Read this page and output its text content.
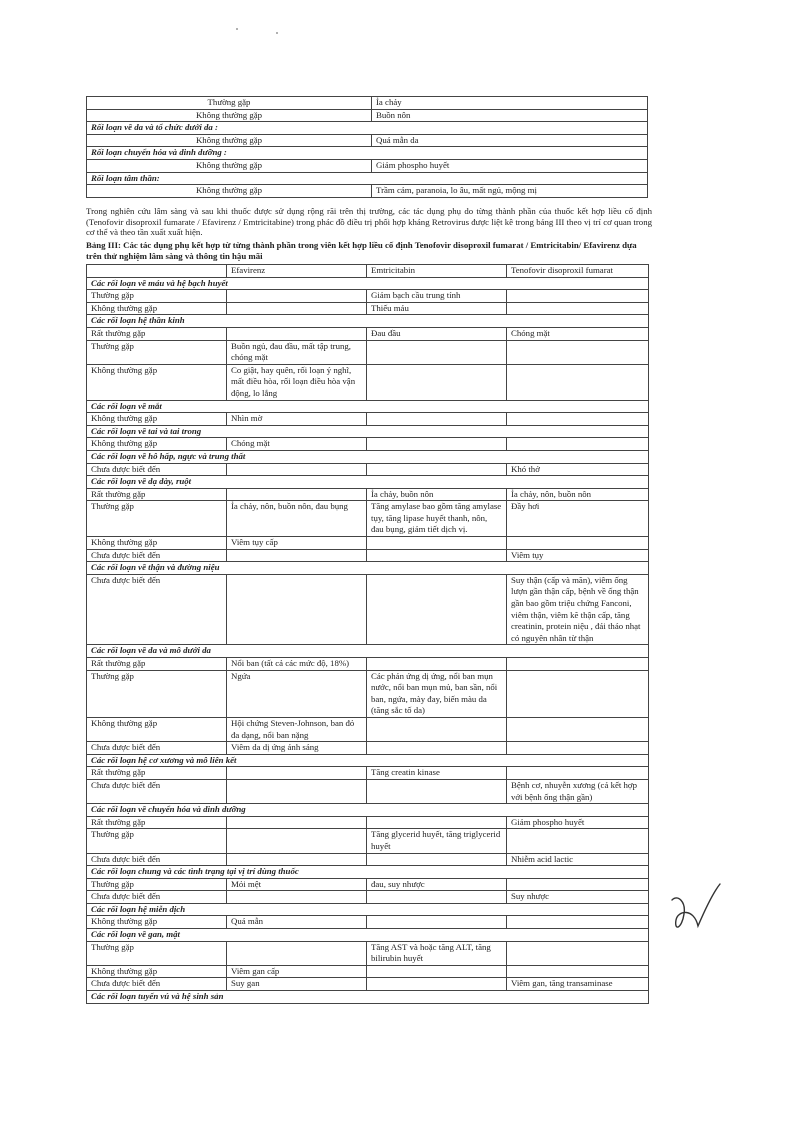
Thường gặp	Ỉa chảy
Không thường gặp	Buồn nôn
Rối loạn về da và tổ chức dưới da :	
Không thường gặp	Quá mẫn da
Rối loạn chuyển hóa và dinh dưỡng :	
Không thường gặp	Giảm phospho huyết
Rối loạn tâm thần:	
Không thường gặp	Trầm cảm, paranoia, lo âu, mất ngủ, mộng mị
Trong nghiên cứu lâm sàng và sau khi thuốc được sử dụng rộng rãi trên thị trường, các tác dụng phụ do từng thành phần của thuốc kết hợp liều cố định (Tenofovir disoproxil fumarate / Efavirenz / Emtricitabine) trong phác đồ điều trị phối hợp kháng Retrovirus được liệt kê trong bảng III theo vị trí cơ quan trong cơ thể và theo tần xuất xuất hiện.
Bảng III: Các tác dụng phụ kết hợp từ từng thành phần trong viên kết hợp liều cố định Tenofovir disoproxil fumarat / Emtricitabin/ Efavirenz dựa trên thử nghiệm lâm sàng và thông tin hậu mãi
	Efavirenz	Emtricitabin	Tenofovir disoproxil fumarat
Các rối loạn về máu và hệ bạch huyết			
Thường gặp		Giảm bạch cầu trung tính	
Không thường gặp		Thiếu máu	
Các rối loạn hệ thần kinh			
Rất thường gặp		Đau đầu	Chóng mặt
Thường gặp	Buồn ngủ, đau đầu, mất tập trung, chóng mặt		
Không thường gặp	Co giật, hay quên, rối loạn ý nghĩ, mất điều hòa, rối loạn điều hòa vận động, lo lắng		
Các rối loạn về mắt			
Không thường gặp	Nhìn mờ		
Các rối loạn về tai và tai trong			
Không thường gặp	Chóng mặt		
Các rối loạn về hô hấp, ngực và trung thất			
Chưa được biết đến			Khó thở
Các rối loạn về dạ dày, ruột			
Rất thường gặp		Ỉa chảy, buồn nôn	Ỉa chảy, nôn, buồn nôn
Thường gặp	Ỉa chảy, nôn, buồn nôn, đau bụng	Tăng amylase bao gồm tăng amylase tụy, tăng lipase huyết thanh, nôn, đau bụng, giảm tiết dịch vị.	Đầy hơi
Không thường gặp	Viêm tụy cấp		
Chưa được biết đến			Viêm tụy
Các rối loạn về thận và đường niệu			
Chưa được biết đến			Suy thận (cấp và mãn), viêm ống lượn gần thận cấp, bệnh về ống thận gần bao gồm triệu chứng Fanconi, viêm thận, viêm kẽ thận cấp, tăng creatinin, protein niệu , đái tháo nhạt có nguyên nhân từ thận
Các rối loạn về da và mô dưới da			
Rất thường gặp	Nổi ban (tất cả các mức độ, 18%)		
Thường gặp	Ngứa	Các phản ứng dị ứng, nổi ban mụn nước, nổi ban mụn mủ, ban sần, nổi ban, ngứa, mày đay, biến màu da (tăng sắc tố da)	
Không thường gặp	Hội chứng Steven-Johnson, ban đỏ đa dạng, nổi ban nặng		
Chưa được biết đến	Viêm da dị ứng ánh sáng		
Các rối loạn hệ cơ xương và mô liên kết			
Rất thường gặp		Tăng creatin kinase	
Chưa được biết đến			Bệnh cơ, nhuyễn xương (cả kết hợp với bệnh ống thận gần)
Các rối loạn về chuyển hóa và dinh dưỡng			
Rất thường gặp			Giảm phospho huyết
Thường gặp		Tăng glycerid huyết, tăng triglycerid huyết	
Chưa được biết đến			Nhiễm acid lactic
Các rối loạn chung và các tình trạng tại vị trí dùng thuốc			
Thường gặp	Mỏi mệt	đau, suy nhược	
Chưa được biết đến			Suy nhược
Các rối loạn hệ miễn dịch			
Không thường gặp	Quá mẫn		
Các rối loạn về gan, mật			
Thường gặp		Tăng AST và hoặc tăng ALT, tăng bilirubin huyết	
Không thường gặp	Viêm gan cấp		
Chưa được biết đến	Suy gan		Viêm gan, tăng transaminase
Các rối loạn tuyến vú và hệ sinh sản			
